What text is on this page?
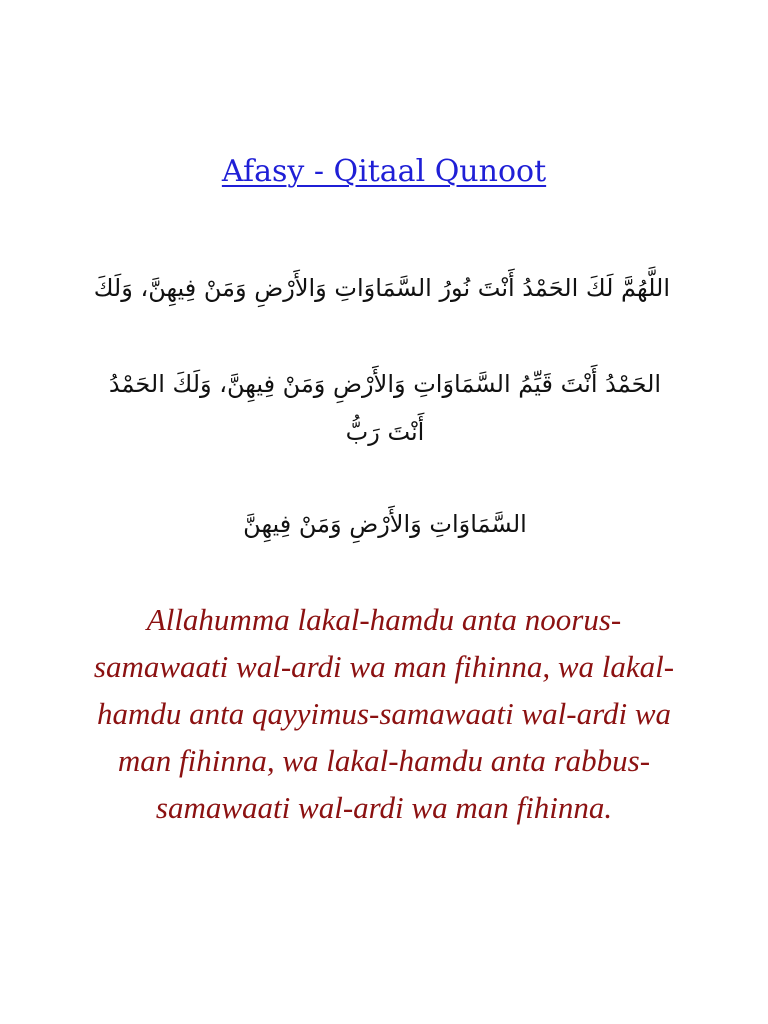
Afasy - Qitaal Qunoot
اللَّهُمَّ لَكَ الحَمْدُ أَنْتَ نُورُ السَّمَاوَاتِ وَالأَرْضِ وَمَنْ فِيهِنَّ، وَلَكَ
الحَمْدُ أَنْتَ قَيِّمُ السَّمَاوَاتِ وَالأَرْضِ وَمَنْ فِيهِنَّ، وَلَكَ الحَمْدُ أَنْتَ رَبُّ
السَّمَاوَاتِ وَالأَرْضِ وَمَنْ فِيهِنَّ
Allahumma lakal-hamdu anta noorus-samawaati wal-ardi wa man fihinna, wa lakal-hamdu anta qayyimus-samawaati wal-ardi wa man fihinna, wa lakal-hamdu anta rabbus-samawaati wal-ardi wa man fihinna.
